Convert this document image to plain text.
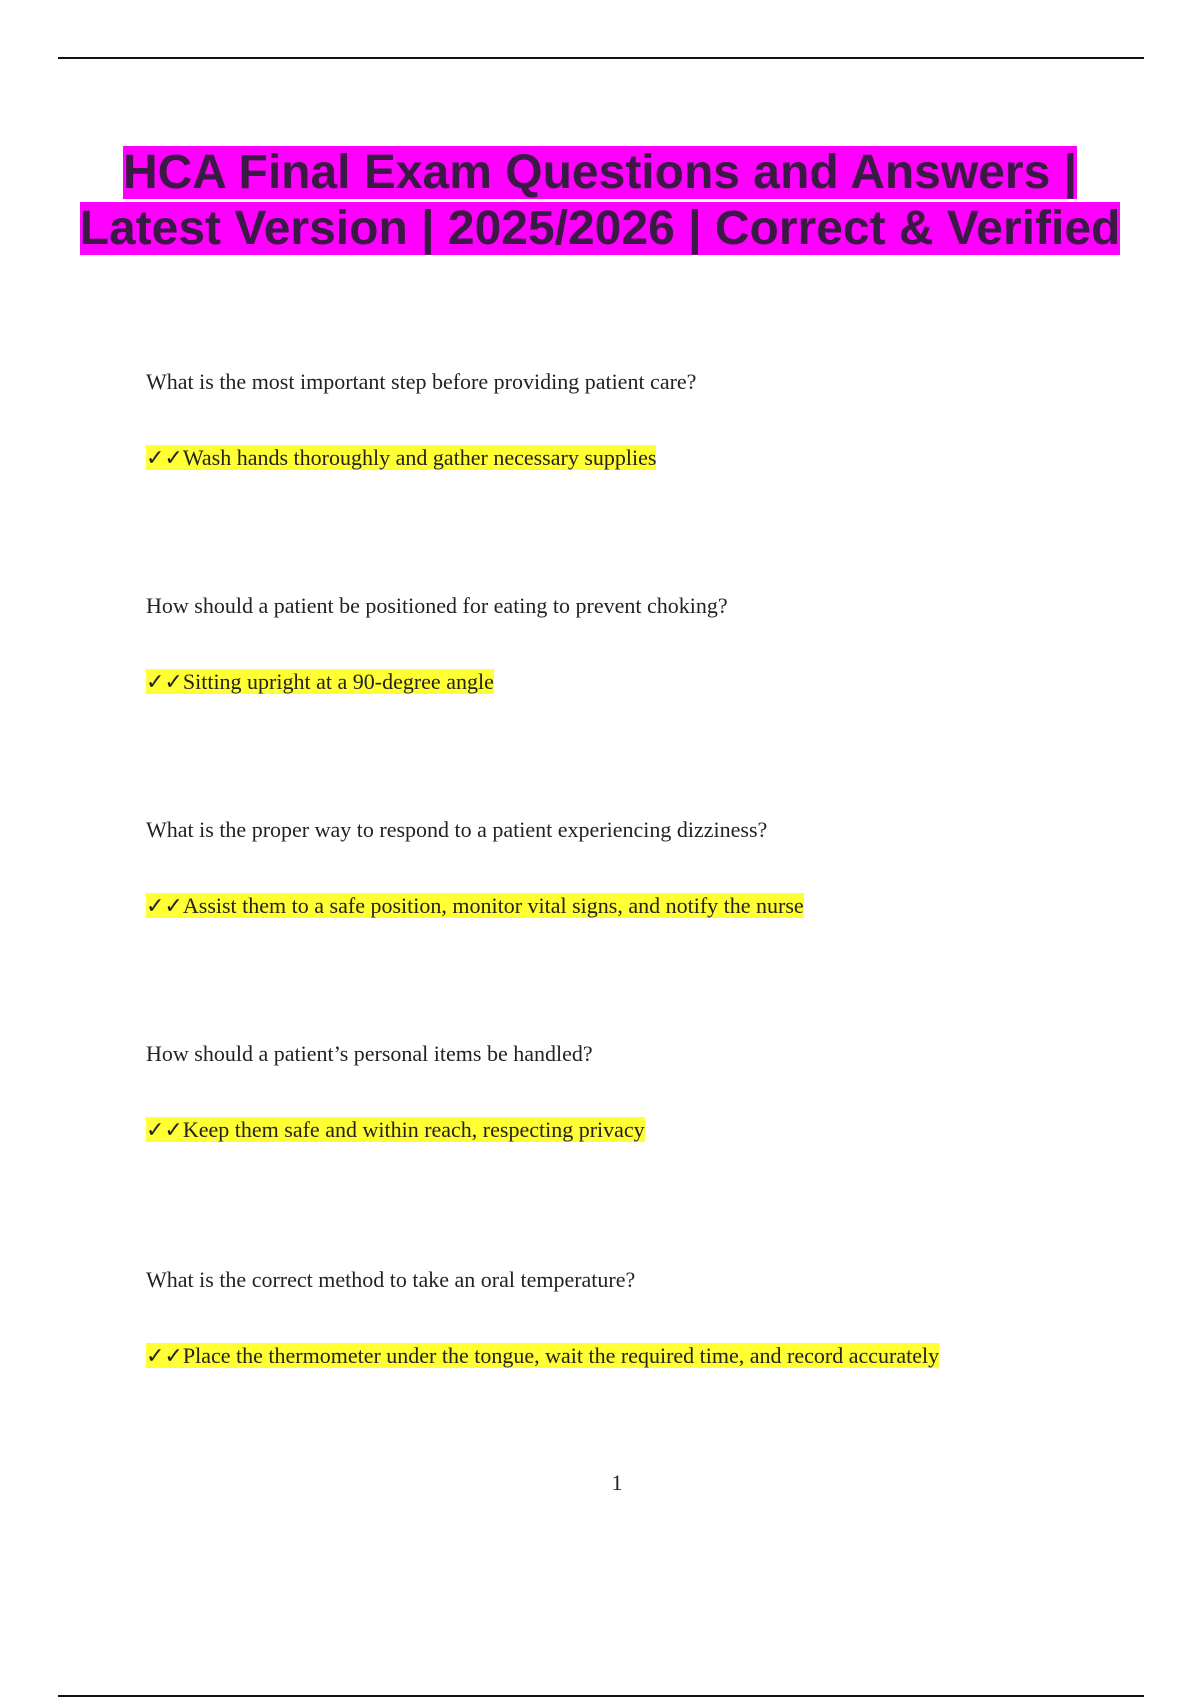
HCA Final Exam Questions and Answers | Latest Version | 2025/2026 | Correct & Verified

What is the most important step before providing patient care?

✓✓Wash hands thoroughly and gather necessary supplies

How should a patient be positioned for eating to prevent choking?

✓✓Sitting upright at a 90-degree angle

What is the proper way to respond to a patient experiencing dizziness?

✓✓Assist them to a safe position, monitor vital signs, and notify the nurse

How should a patient’s personal items be handled?

✓✓Keep them safe and within reach, respecting privacy

What is the correct method to take an oral temperature?

✓✓Place the thermometer under the tongue, wait the required time, and record accurately

1
